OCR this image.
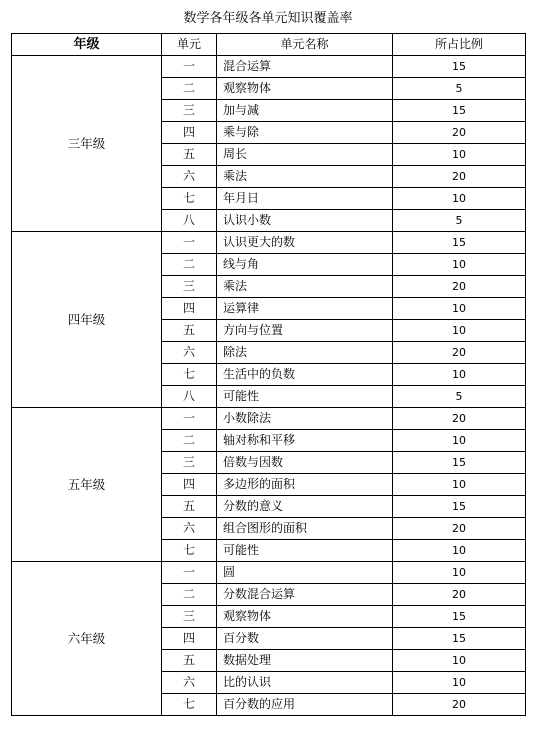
数学各年级各单元知识覆盖率
年级	单元	单元名称	所占比例
三年级	一	混合运算	15
	二	观察物体	5
	三	加与减	15
	四	乘与除	20
	五	周长	10
	六	乘法	20
	七	年月日	10
	八	认识小数	5
四年级	一	认识更大的数	15
	二	线与角	10
	三	乘法	20
	四	运算律	10
	五	方向与位置	10
	六	除法	20
	七	生活中的负数	10
	八	可能性	5
五年级	一	小数除法	20
	二	轴对称和平移	10
	三	倍数与因数	15
	四	多边形的面积	10
	五	分数的意义	15
	六	组合图形的面积	20
	七	可能性	10
六年级	一	圆	10
	二	分数混合运算	20
	三	观察物体	15
	四	百分数	15
	五	数据处理	10
	六	比的认识	10
	七	百分数的应用	20
